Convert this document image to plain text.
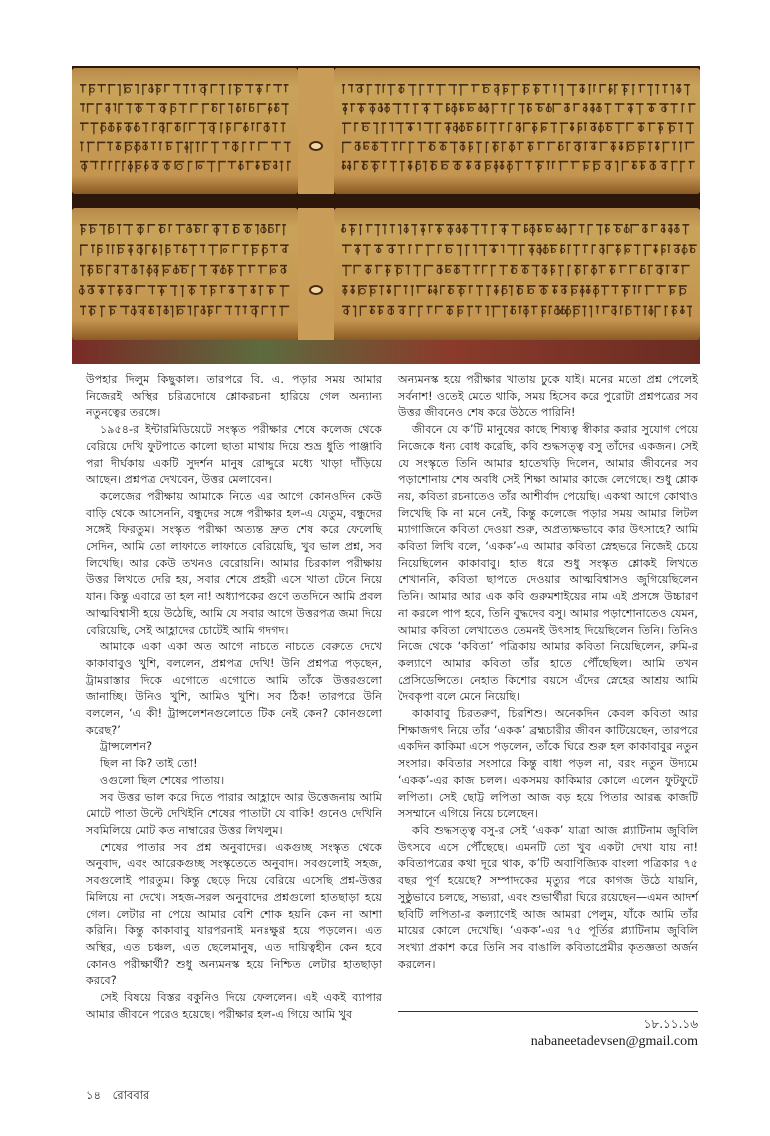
উপহার দিলুম কিছুকাল। তারপরে বি. এ. পড়ার সময় আমার নিজেরই অস্থির চরিত্রদোষে শ্লোকরচনা হারিয়ে গেল অন্যান্য নতুনত্বের তরঙ্গে।

১৯৫৪-র ইন্টারমিডিয়েটে সংস্কৃত পরীক্ষার শেষে কলেজ থেকে বেরিয়ে দেখি ফুটপাতে কালো ছাতা মাথায় দিয়ে শুভ্র ধুতি পাঞ্জাবি পরা দীর্ঘকায় একটি সুদর্শন মানুষ রোদ্দুরে মধ্যে খাড়া দাঁড়িয়ে আছেন। প্রশ্নপত্র দেখবেন, উত্তর মেলাবেন।

কলেজের পরীক্ষায় আমাকে নিতে এর আগে কোনওদিন কেউ বাড়ি থেকে আসেননি, বন্ধুদের সঙ্গে পরীক্ষার হল-এ যেতুম, বন্ধুদের সঙ্গেই ফিরতুম। সংস্কৃত পরীক্ষা অত্যন্ত দ্রুত শেষ করে ফেলেছি সেদিন, আমি তো লাফাতে লাফাতে বেরিয়েছি, খুব ভাল প্রশ্ন, সব লিখেছি। আর কেউ তখনও বেরোয়নি। আমার চিরকাল পরীক্ষায় উত্তর লিখতে দেরি হয়, সবার শেষে প্রহরী এসে খাতা টেনে নিয়ে যান। কিন্তু এবারে তা হল না! অধ্যাপকের গুণে ততদিনে আমি প্রবল আত্মবিশ্বাসী হয়ে উঠেছি, আমি যে সবার আগে উত্তরপত্র জমা দিয়ে বেরিয়েছি, সেই আহ্লাদের চোটেই আমি গদগদ।

আমাকে একা একা অত আগে নাচতে নাচতে বেরুতে দেখে কাকাবাবুও খুশি, বললেন, প্রশ্নপত্র দেখি! উনি প্রশ্নপত্র পড়ছেন, ট্রামরাস্তার দিকে এগোতে এগোতে আমি তাঁকে উত্তরগুলো জানাচ্ছি। উনিও খুশি, আমিও খুশি। সব ঠিক! তারপরে উনি বললেন, ‘এ কী! ট্রান্সলেশনগুলোতে টিক নেই কেন? কোনগুলো করেছ?’

ট্রান্সলেশন?

ছিল না কি? তাই তো!

ওগুলো ছিল শেষের পাতায়।

সব উত্তর ভাল করে দিতে পারার আহ্লাদে আর উত্তেজনায় আমি মোটে পাতা উল্টে দেখিইনি শেষের পাতাটা যে বাকি! গুনেও দেখিনি সবমিলিয়ে মোট কত নাম্বারের উত্তর লিখলুম।

শেষের পাতার সব প্রশ্ন অনুবাদের। একগুচ্ছ সংস্কৃত থেকে অনুবাদ, এবং আরেকগুচ্ছ সংস্কৃতেতে অনুবাদ। সবগুলোই সহজ, সবগুলোই পারতুম। কিন্তু ছেড়ে দিয়ে বেরিয়ে এসেছি প্রশ্ন-উত্তর মিলিয়ে না দেখে। সহজ-সরল অনুবাদের প্রশ্নগুলো হাতছাড়া হয়ে গেল। লেটার না পেয়ে আমার বেশি শোক হয়নি কেন না আশা করিনি। কিন্তু কাকাবাবু যারপরনাই মনঃক্ষুণ্ণ হয়ে পড়লেন। এত অস্থির, এত চঞ্চল, এত ছেলেমানুষ, এত দায়িত্বহীন কেন হবে কোনও পরীক্ষার্থী? শুধু অন্যমনস্ক হয়ে নিশ্চিত লেটার হাতছাড়া করবে?

সেই বিষয়ে বিস্তর বকুনিও দিয়ে ফেললেন। এই একই ব্যাপার আমার জীবনে পরেও হয়েছে। পরীক্ষার হল-এ গিয়ে আমি খুব

অন্যমনস্ক হয়ে পরীক্ষার খাতায় ঢুকে যাই। মনের মতো প্রশ্ন পেলেই সর্বনাশ! ওতেই মেতে থাকি, সময় হিসেব করে পুরোটা প্রশ্নপত্রের সব উত্তর জীবনেও শেষ করে উঠতে পারিনি!

জীবনে যে ক’টি মানুষের কাছে শিষ্যত্ব স্বীকার করার সুযোগ পেয়ে নিজেকে ধন্য বোধ করেছি, কবি শুদ্ধসত্ত্ব বসু তাঁদের একজন। সেই যে সংস্কৃতে তিনি আমার হাতেখড়ি দিলেন, আমার জীবনের সব পড়াশোনায় শেষ অবধি সেই শিক্ষা আমার কাজে লেগেছে। শুধু শ্লোক নয়, কবিতা রচনাতেও তাঁর আশীর্বাদ পেয়েছি। একথা আগে কোথাও লিখেছি কি না মনে নেই, কিন্তু কলেজে পড়ার সময় আমার লিটল ম্যাগাজিনে কবিতা দেওয়া শুরু, অপ্রত্যক্ষভাবে কার উৎসাহে? আমি কবিতা লিখি বলে, ‘একক’-এ আমার কবিতা স্নেহভরে নিজেই চেয়ে নিয়েছিলেন কাকাবাবু। হাত ধরে শুধু সংস্কৃত শ্লোকই লিখতে শেখাননি, কবিতা ছাপতে দেওয়ার আত্মবিশ্বাসও জুগিয়েছিলেন তিনি। আমার আর এক কবি গুরুমশাইয়ের নাম এই প্রসঙ্গে উচ্চারণ না করলে পাপ হবে, তিনি বুদ্ধদেব বসু। আমার পড়াশোনাতেও যেমন, আমার কবিতা লেখাতেও তেমনই উৎসাহ দিয়েছিলেন তিনি। তিনিও নিজে থেকে ‘কবিতা’ পত্রিকায় আমার কবিতা নিয়েছিলেন, রুমি-র কল্যাণে আমার কবিতা তাঁর হাতে পৌঁছেছিল। আমি তখন প্রেসিডেন্সিতে। নেহাত কিশোর বয়সে এঁদের স্নেহের আশ্রয় আমি দৈবকৃপা বলে মেনে নিয়েছি।

কাকাবাবু চিরতরুণ, চিরশিশু। অনেকদিন কেবল কবিতা আর শিক্ষাজগৎ নিয়ে তাঁর ‘একক’ ব্রহ্মচারীর জীবন কাটিয়েছেন, তারপরে একদিন কাকিমা এসে পড়লেন, তাঁকে ঘিরে শুরু হল কাকাবাবুর নতুন সংসার। কবিতার সংসারে কিন্তু বাধা পড়ল না, বরং নতুন উদ্যমে ‘একক’-এর কাজ চলল। একসময় কাকিমার কোলে এলেন ফুটফুটে লপিতা। সেই ছোট্ট লপিতা আজ বড় হয়ে পিতার আরব্ধ কাজটি সসম্মানে এগিয়ে নিয়ে চলেছেন।

কবি শুদ্ধসত্ত্ব বসু-র সেই ‘একক’ যাত্রা আজ প্ল্যাটিনাম জুবিলি উৎসবে এসে পৌঁছেছে। এমনটি তো খুব একটা দেখা যায় না! কবিতাপত্রের কথা দূরে থাক, ক’টি অবাণিজ্যিক বাংলা পত্রিকার ৭৫ বছর পূর্ণ হয়েছে? সম্পাদকের মৃত্যুর পরে কাগজ উঠে যায়নি, সুষ্ঠুভাবে চলছে, সভ্যরা, এবং শুভার্থীরা ঘিরে রয়েছেন—এমন আদর্শ ছবিটি লপিতা-র কল্যাণেই আজ আমরা পেলুম, যাঁকে আমি তাঁর মায়ের কোলে দেখেছি। ‘একক’-এর ৭৫ পূর্তির প্ল্যাটিনাম জুবিলি সংখ্যা প্রকাশ করে তিনি সব বাঙালি কবিতাপ্রেমীর কৃতজ্ঞতা অর্জন করলেন।

১৮.১১.১৬
nabaneetadevsen@gmail.com
১৪ রোববার
